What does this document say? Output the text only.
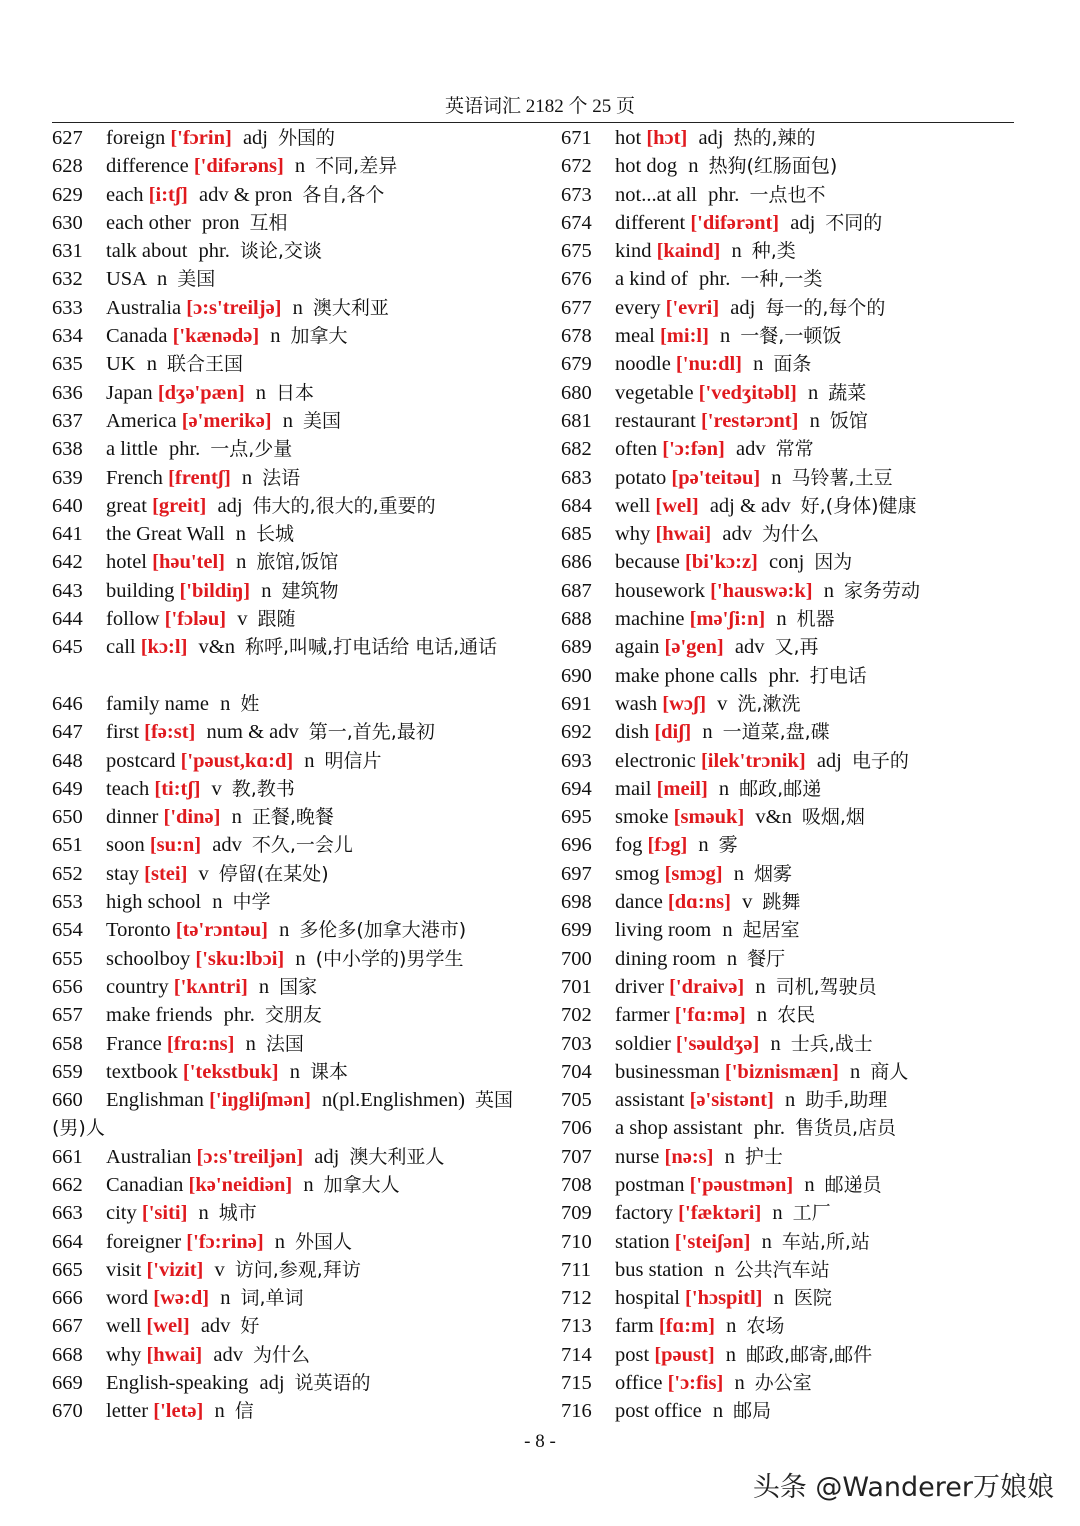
英语词汇 2182 个 25 页
627 foreign ['fɔrin] adj 外国的
628 difference ['difərəns] n 不同,差异
629 each [i:tʃ] adv & pron 各自,各个
630 each other pron 互相
631 talk about phr. 谈论,交谈
632 USA n 美国
633 Australia [ɔ:s'treiljə] n 澳大利亚
634 Canada ['kænədə] n 加拿大
635 UK n 联合王国
636 Japan [dʒə'pæn] n 日本
637 America [ə'merikə] n 美国
638 a little phr. 一点,少量
639 French [frentʃ] n 法语
640 great [greit] adj 伟大的,很大的,重要的
641 the Great Wall n 长城
642 hotel [həu'tel] n 旅馆,饭馆
643 building ['bildiŋ] n 建筑物
644 follow ['fɔləu] v 跟随
645 call [kɔ:l] v&n 称呼,叫喊,打电话给 电话,通话
646 family name n 姓
647 first [fə:st] num & adv 第一,首先,最初
648 postcard ['pəust,kɑ:d] n 明信片
649 teach [ti:tʃ] v 教,教书
650 dinner ['dinə] n 正餐,晚餐
651 soon [su:n] adv 不久,一会儿
652 stay [stei] v 停留(在某处)
653 high school n 中学
654 Toronto [tə'rɔntəu] n 多伦多(加拿大港市)
655 schoolboy ['sku:lbɔi] n (中小学的)男学生
656 country ['kʌntri] n 国家
657 make friends phr. 交朋友
658 France [frɑ:ns] n 法国
659 textbook ['tekstbuk] n 课本
660 Englishman ['iŋgliʃmən] n(pl.Englishmen) 英国(男)人
661 Australian [ɔ:s'treiljən] adj 澳大利亚人
662 Canadian [kə'neidiən] n 加拿大人
663 city ['siti] n 城市
664 foreigner ['fɔ:rinə] n 外国人
665 visit ['vizit] v 访问,参观,拜访
666 word [wə:d] n 词,单词
667 well [wel] adv 好
668 why [hwai] adv 为什么
669 English-speaking adj 说英语的
670 letter ['letə] n 信
671 hot [hɔt] adj 热的,辣的
672 hot dog n 热狗(红肠面包)
673 not...at all phr. 一点也不
674 different ['difərənt] adj 不同的
675 kind [kaind] n 种,类
676 a kind of phr. 一种,一类
677 every ['evri] adj 每一的,每个的
678 meal [mi:l] n 一餐,一顿饭
679 noodle ['nu:dl] n 面条
680 vegetable ['vedʒitəbl] n 蔬菜
681 restaurant ['restərɔnt] n 饭馆
682 often ['ɔ:fən] adv 常常
683 potato [pə'teitəu] n 马铃薯,土豆
684 well [wel] adj & adv 好,(身体)健康
685 why [hwai] adv 为什么
686 because [bi'kɔ:z] conj 因为
687 housework ['hauswə:k] n 家务劳动
688 machine [mə'ʃi:n] n 机器
689 again [ə'gen] adv 又,再
690 make phone calls phr. 打电话
691 wash [wɔʃ] v 洗,漱洗
692 dish [diʃ] n 一道菜,盘,碟
693 electronic [ilek'trɔnik] adj 电子的
694 mail [meil] n 邮政,邮递
695 smoke [sməuk] v&n 吸烟,烟
696 fog [fɔg] n 雾
697 smog [smɔg] n 烟雾
698 dance [dɑ:ns] v 跳舞
699 living room n 起居室
700 dining room n 餐厅
701 driver ['draivə] n 司机,驾驶员
702 farmer ['fɑ:mə] n 农民
703 soldier ['səuldʒə] n 士兵,战士
704 businessman ['biznismæn] n 商人
705 assistant [ə'sistənt] n 助手,助理
706 a shop assistant phr. 售货员,店员
707 nurse [nə:s] n 护士
708 postman ['pəustmən] n 邮递员
709 factory ['fæktəri] n 工厂
710 station ['steiʃən] n 车站,所,站
711 bus station n 公共汽车站
712 hospital ['hɔspitl] n 医院
713 farm [fɑ:m] n 农场
714 post [pəust] n 邮政,邮寄,邮件
715 office ['ɔ:fis] n 办公室
716 post office n 邮局
- 8 -
头条 @Wanderer万娘娘
